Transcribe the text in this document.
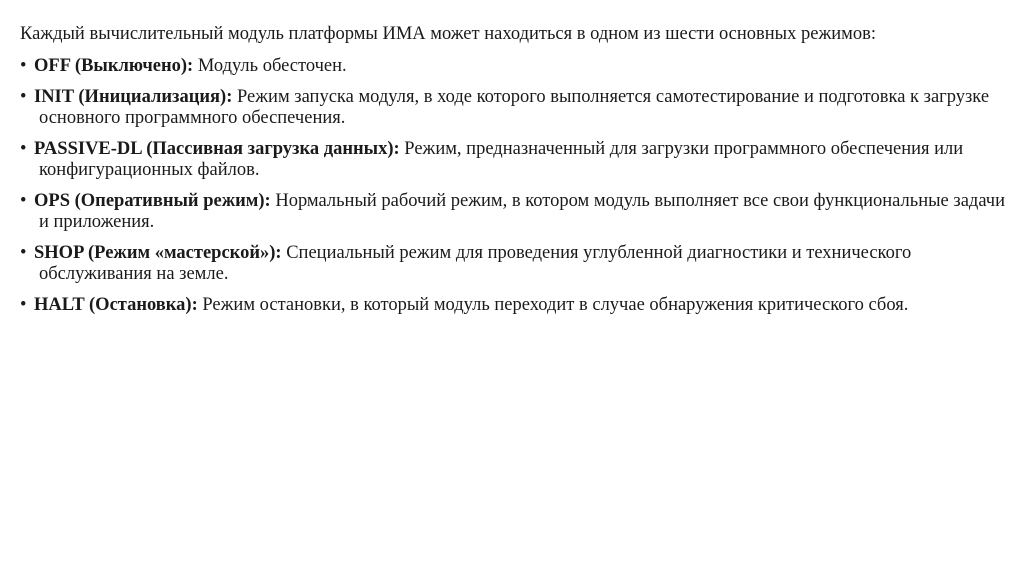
Каждый вычислительный модуль платформы ИМА может находиться в одном из шести основных режимов:

• OFF (Выключено): Модуль обесточен.
• INIT (Инициализация): Режим запуска модуля, в ходе которого выполняется самотестирование и подготовка к загрузке основного программного обеспечения.
• PASSIVE-DL (Пассивная загрузка данных): Режим, предназначенный для загрузки программного обеспечения или конфигурационных файлов.
• OPS (Оперативный режим): Нормальный рабочий режим, в котором модуль выполняет все свои функциональные задачи и приложения.
• SHOP (Режим «мастерской»): Специальный режим для проведения углубленной диагностики и технического обслуживания на земле.
• HALT (Остановка): Режим остановки, в который модуль переходит в случае обнаружения критического сбоя.
